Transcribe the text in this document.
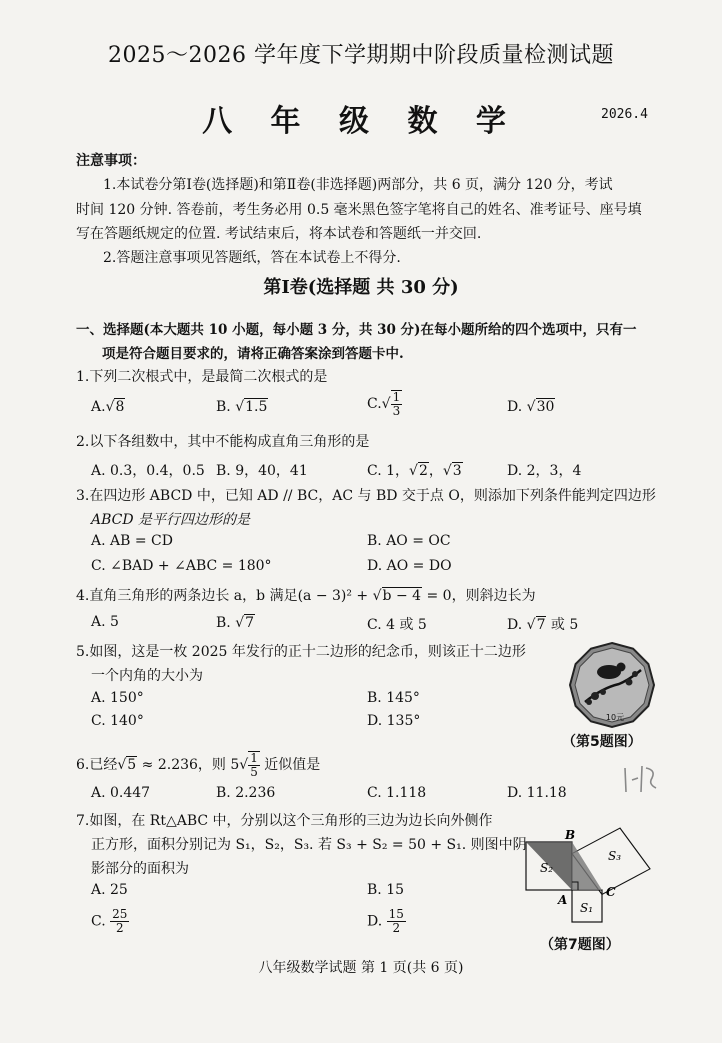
2025～2026 学年度下学期期中阶段质量检测试题
八 年 级 数 学	2026.4
注意事项：
1.本试卷分第Ⅰ卷(选择题)和第Ⅱ卷(非选择题)两部分，共 6 页，满分 120 分，考试
时间 120 分钟. 答卷前，考生务必用 0.5 毫米黑色签字笔将自己的姓名、准考证号、座号填
写在答题纸规定的位置. 考试结束后，将本试卷和答题纸一并交回.
2.答题注意事项见答题纸，答在本试卷上不得分.
第Ⅰ卷(选择题 共 30 分)
一、选择题(本大题共 10 小题，每小题 3 分，共 30 分)在每小题所给的四个选项中，只有一
项是符合题目要求的，请将正确答案涂到答题卡中.
1.下列二次根式中，是最简二次根式的是
A.√8	B. √1.5	$C.√ \frac{1}{3}$	D. √30
2.以下各组数中，其中不能构成直角三角形的是
A. 0.3，0.4，0.5 B. 9，40，41	C. 1，√2，√3	D. 2，3，4
3.在四边形 ABCD 中，已知 AD // BC，AC 与 BD 交于点 O，则添加下列条件能判定四边形
ABCD 是平行四边形的是
A. AB = CD	B. AO = OC
C. ∠BAD + ∠ABC = 180°	D. AO = DO
4.直角三角形的两条边长 a，b 满足(a − 3)² + √b − 4 = 0，则斜边长为
A. 5	B. √7	C. 4 或 5	D. √7 或 5
5.如图，这是一枚 2025 年发行的正十二边形的纪念币，则该正十二边形
一个内角的大小为
A. 150°	B. 145°
C. 140°	D. 135°	10元
（第5题图）
6.已经√5 ≈ 2.236，则 $5√ \frac{1}{5}$ 近似值是
A. 0.447	B. 2.236	C. 1.118	D. 11.18
7.如图，在 Rt△ABC 中，分别以这个三角形的三边为边长向外侧作
正方形，面积分别记为 S₁，S₂，S₃. 若 S₃ + S₂ = 50 + S₁. 则图中阴
影部分的面积为
A. 25	B. 15
C. $\frac{25}{2}$	D. $\frac{15}{2}$
B
A
C
S₂
S₁
S₃
（第7题图）
八年级数学试题 第 1 页(共 6 页)
